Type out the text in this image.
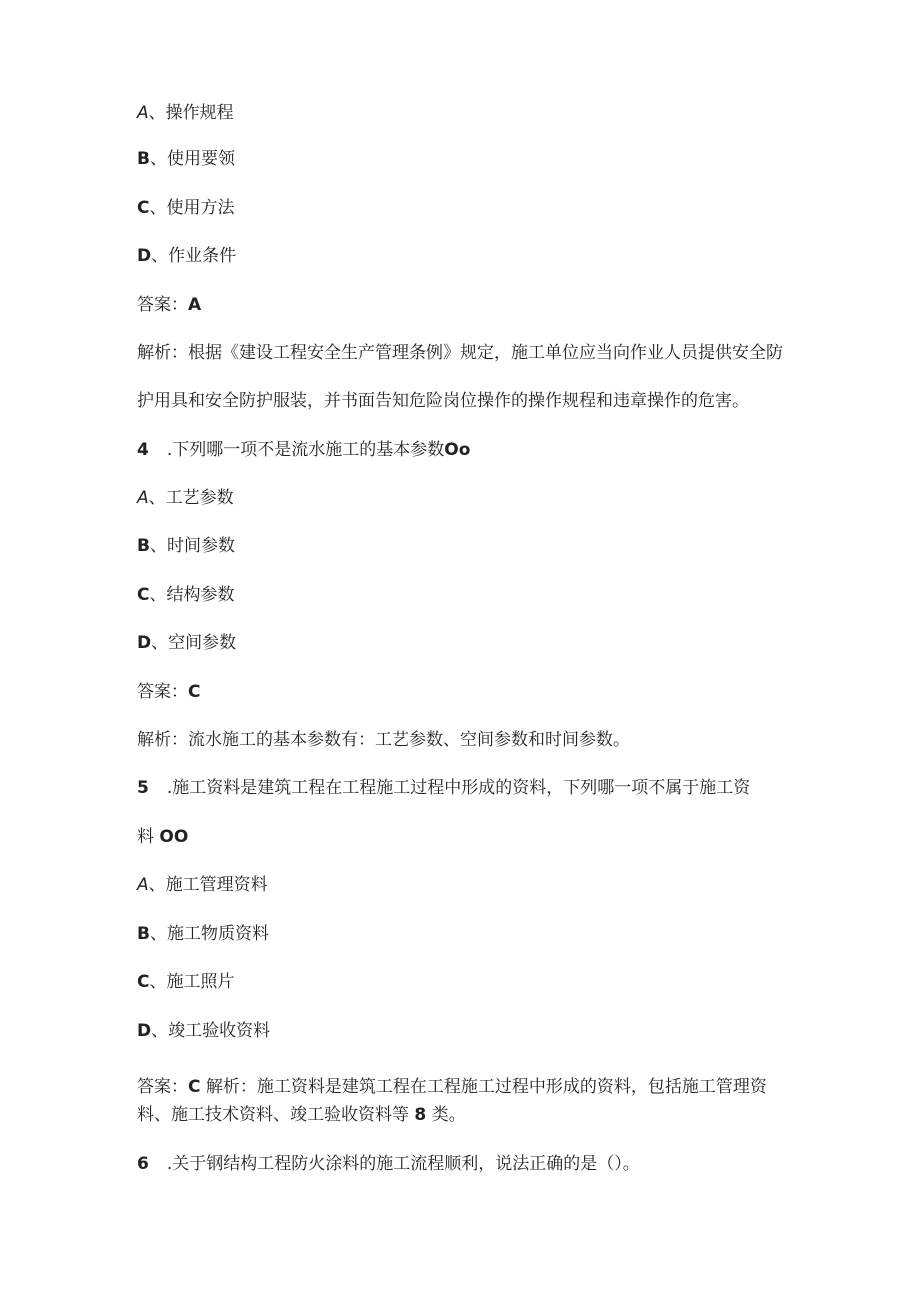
A、操作规程
B、使用要领
C、使用方法
D、作业条件
答案：A
解析：根据《建设工程安全生产管理条例》规定，施工单位应当向作业人员提供安全防
护用具和安全防护服装，并书面告知危险岗位操作的操作规程和违章操作的危害。
4 .下列哪一项不是流水施工的基本参数Oo
A、工艺参数
B、时间参数
C、结构参数
D、空间参数
答案：C
解析：流水施工的基本参数有：工艺参数、空间参数和时间参数。
5 .施工资料是建筑工程在工程施工过程中形成的资料，下列哪一项不属于施工资
料 OO
A、施工管理资料
B、施工物质资料
C、施工照片
D、竣工验收资料
答案：C 解析：施工资料是建筑工程在工程施工过程中形成的资料，包括施工管理资
料、施工技术资料、竣工验收资料等 8 类。
6 .关于钢结构工程防火涂料的施工流程顺利，说法正确的是（）。
